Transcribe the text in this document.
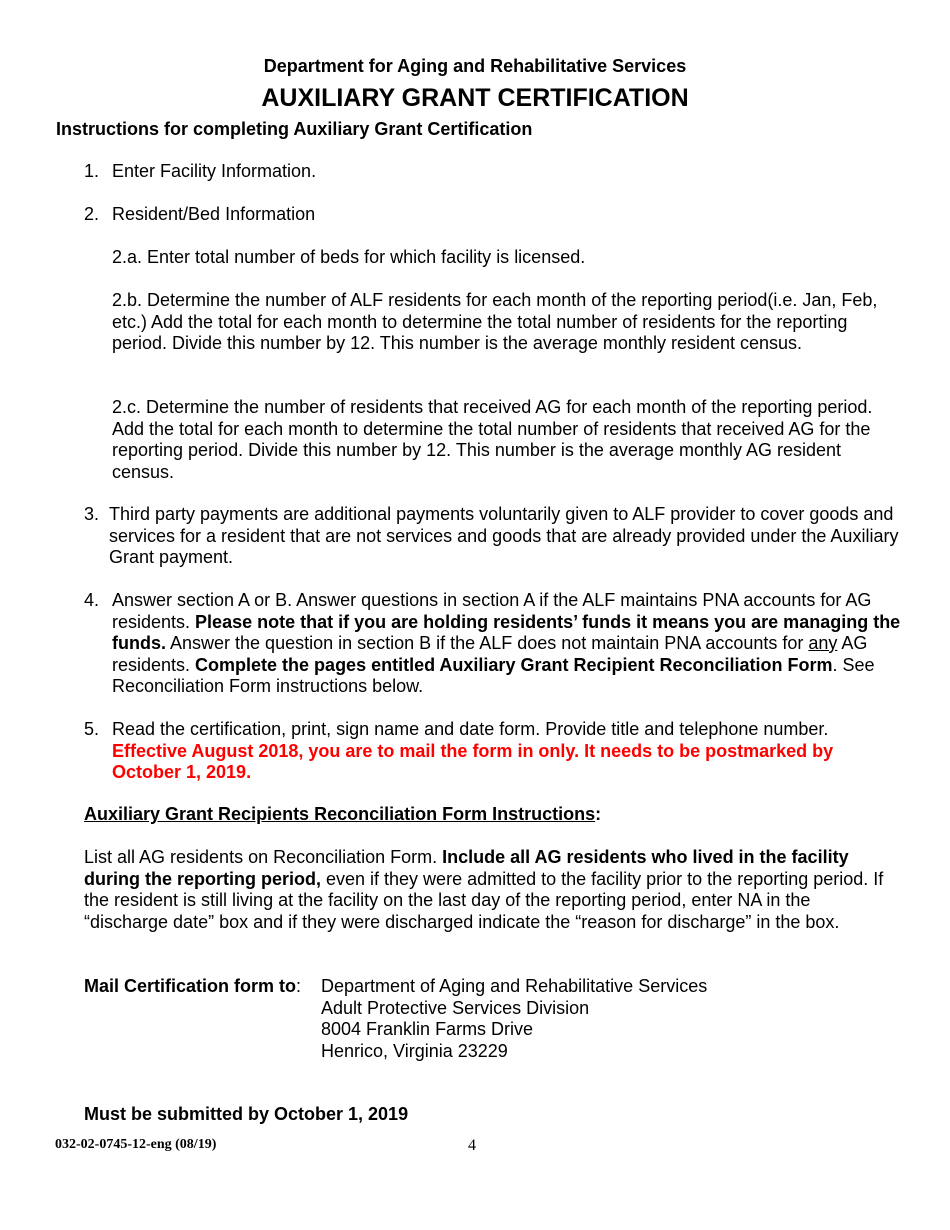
Department for Aging and Rehabilitative Services
AUXILIARY GRANT CERTIFICATION
Instructions for completing Auxiliary Grant Certification
1. Enter Facility Information.
2. Resident/Bed Information
2.a. Enter total number of beds for which facility is licensed.
2.b. Determine the number of ALF residents for each month of the reporting period(i.e. Jan, Feb, etc.) Add the total for each month to determine the total number of residents for the reporting period. Divide this number by 12. This number is the average monthly resident census.
2.c. Determine the number of residents that received AG for each month of the reporting period. Add the total for each month to determine the total number of residents that received AG for the reporting period. Divide this number by 12. This number is the average monthly AG resident census.
3. Third party payments are additional payments voluntarily given to ALF provider to cover goods and services for a resident that are not services and goods that are already provided under the Auxiliary Grant payment.
4. Answer section A or B. Answer questions in section A if the ALF maintains PNA accounts for AG residents. Please note that if you are holding residents’ funds it means you are managing the funds. Answer the question in section B if the ALF does not maintain PNA accounts for any AG residents. Complete the pages entitled Auxiliary Grant Recipient Reconciliation Form. See Reconciliation Form instructions below.
5. Read the certification, print, sign name and date form. Provide title and telephone number. Effective August 2018, you are to mail the form in only. It needs to be postmarked by October 1, 2019.
Auxiliary Grant Recipients Reconciliation Form Instructions:
List all AG residents on Reconciliation Form. Include all AG residents who lived in the facility during the reporting period, even if they were admitted to the facility prior to the reporting period. If the resident is still living at the facility on the last day of the reporting period, enter NA in the “discharge date” box and if they were discharged indicate the “reason for discharge” in the box.
Mail Certification form to:	Department of Aging and Rehabilitative Services
Adult Protective Services Division
8004 Franklin Farms Drive
Henrico, Virginia 23229
Must be submitted by October 1, 2019
032-02-0745-12-eng (08/19)	4
